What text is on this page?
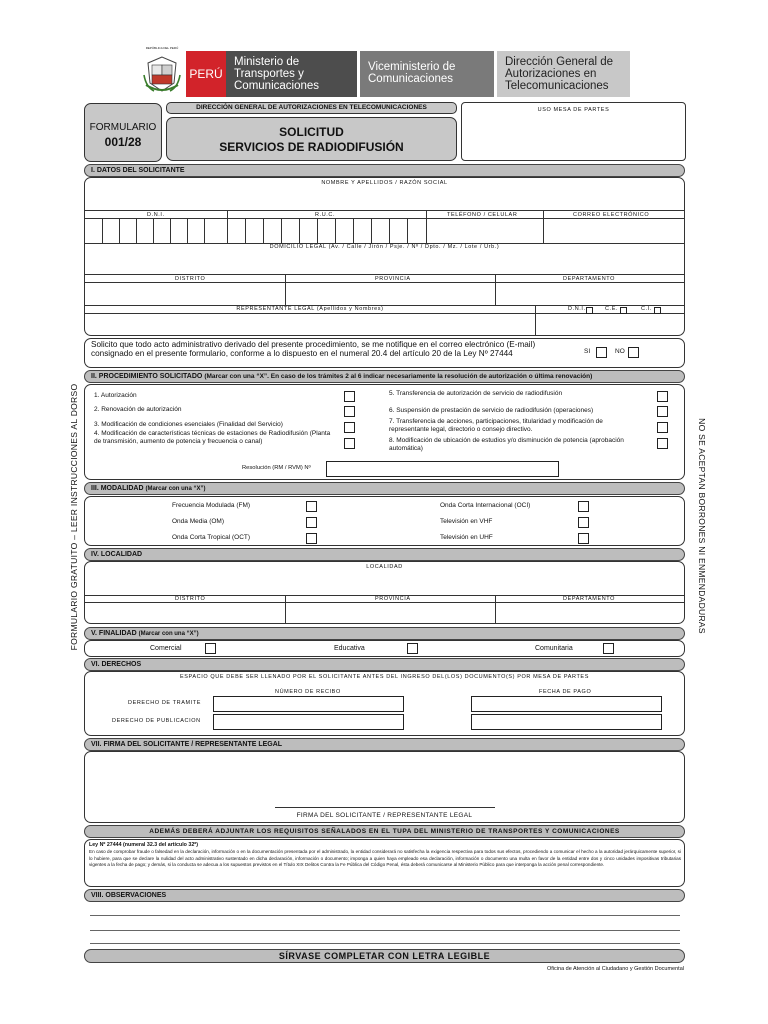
REPÚBLICA DEL PERÚ
PERÚ
Ministerio de Transportes y Comunicaciones
Viceministerio de Comunicaciones
Dirección General de Autorizaciones en Telecomunicaciones
FORMULARIO
001/28
DIRECCIÓN GENERAL DE AUTORIZACIONES EN TELECOMUNICACIONES
SOLICITUD
SERVICIOS DE RADIODIFUSIÓN
USO MESA DE PARTES
FORMULARIO GRATUITO – LEER INSTRUCCIONES AL DORSO	NO SE ACEPTAN BORRONES NI ENMENDADURAS
I. DATOS DEL SOLICITANTE
NOMBRE Y APELLIDOS / RAZÓN SOCIAL
D.N.I.	R.U.C.	TELÉFONO / CELULAR	CORREO ELECTRÓNICO
DOMICILIO LEGAL (Av. / Calle / Jirón / Psje. / Nº / Dpto. / Mz. / Lote / Urb.)
DISTRITO	PROVINCIA	DEPARTAMENTO
REPRESENTANTE LEGAL (Apellidos y Nombres)	D.N.I.	C.E.	C.I.
Solicito que todo acto administrativo derivado del presente procedimiento, se me notifique en el correo electrónico (E-mail) consignado en el presente formulario, conforme a lo dispuesto en el numeral 20.4 del artículo 20 de la Ley Nº 27444	SI	NO
II. PROCEDIMIENTO SOLICITADO (Marcar con una “X”. En caso de los trámites 2 al 6 indicar necesariamente la resolución de autorización o última renovación)
1. Autorización
2. Renovación de autorización
3. Modificación de condiciones esenciales (Finalidad del Servicio)
4. Modificación de características técnicas de estaciones de Radiodifusión (Planta de transmisión, aumento de potencia y frecuencia o canal)
5. Transferencia de autorización de servicio de radiodifusión
6. Suspensión de prestación de servicio de radiodifusión (operaciones)
7. Transferencia de acciones, participaciones, titularidad y modificación de representante legal, directorio o consejo directivo.
8. Modificación de ubicación de estudios y/o disminución de potencia (aprobación automática)
Resolución (RM / RVM) Nº
III. MODALIDAD (Marcar con una “X”)
Frecuencia Modulada (FM)
Onda Media (OM)
Onda Corta Tropical (OCT)
Onda Corta Internacional (OCI)
Televisión en VHF
Televisión en UHF
IV. LOCALIDAD
LOCALIDAD
DISTRITO	PROVINCIA	DEPARTAMENTO
V. FINALIDAD (Marcar con una “X”)
Comercial	Educativa	Comunitaria
VI. DERECHOS
ESPACIO QUE DEBE SER LLENADO POR EL SOLICITANTE ANTES DEL INGRESO DEL(LOS) DOCUMENTO(S) POR MESA DE PARTES
NÚMERO DE RECIBO	FECHA DE PAGO
DERECHO DE TRAMITE
DERECHO DE PUBLICACION
VII. FIRMA DEL SOLICITANTE / REPRESENTANTE LEGAL
FIRMA DEL SOLICITANTE / REPRESENTANTE LEGAL
ADEMÁS DEBERÁ ADJUNTAR LOS REQUISITOS SEÑALADOS EN EL TUPA DEL MINISTERIO DE TRANSPORTES Y COMUNICACIONES
Ley Nº 27444 (numeral 32.3 del artículo 32º)
En caso de comprobar fraude o falsedad en la declaración, información o en la documentación presentada por el administrado, la entidad considerará no satisfecha la exigencia respectiva para todos sus efectos, procediendo a comunicar el hecho a la autoridad jerárquicamente superior, si lo hubiere, para que se declare la nulidad del acto administrativo sustentado en dicha declaración, información o documento; imponga a quien haya empleado esa declaración, información o documento una multa en favor de la entidad entre dos y cinco unidades impositivas tributarias vigentes a la fecha de pago; y demás, si la conducta se adecua a los supuestos previstos en el Título XIX Delitos Contra la Fe Pública del Código Penal, ésta deberá comunicarse al Ministerio Público para que interponga la acción penal correspondiente.
VIII. OBSERVACIONES
SÍRVASE COMPLETAR CON LETRA LEGIBLE
Oficina de Atención al Ciudadano y Gestión Documental
